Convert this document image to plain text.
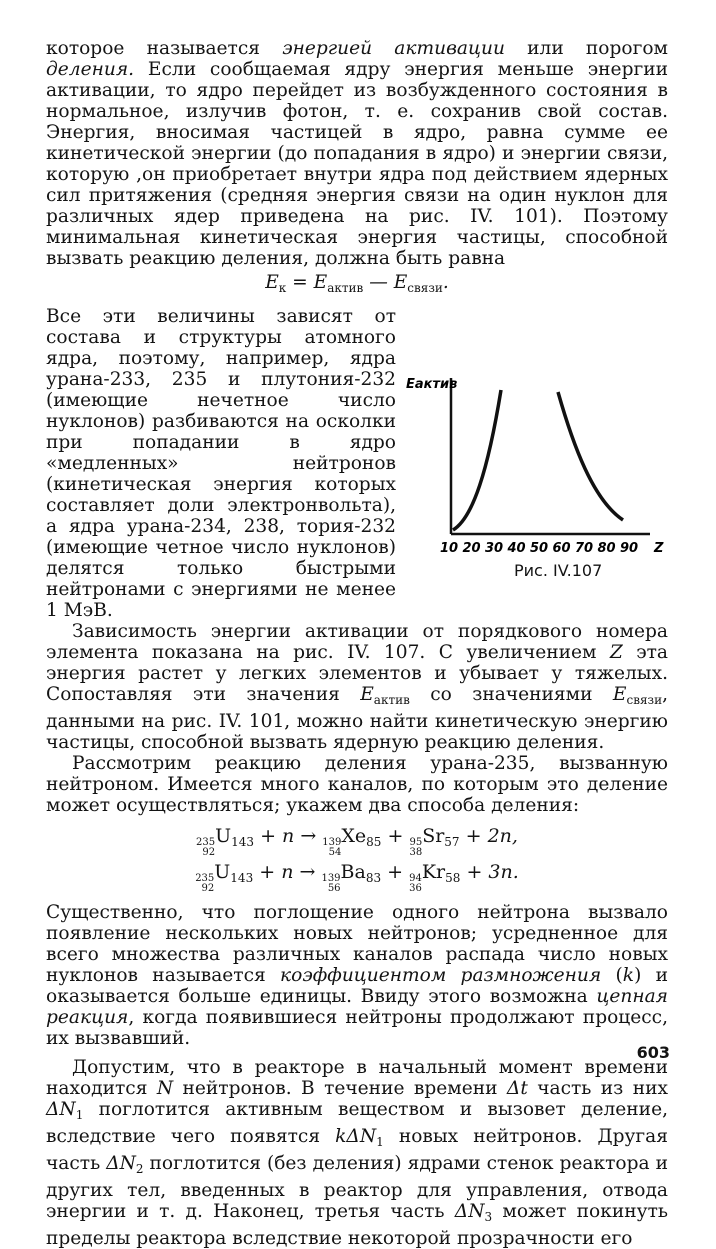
которое называется энергией активации или порогом деления. Если сообщаемая ядру энергия меньше энергии активации, то ядро перейдет из возбужденного состояния в нормальное, излучив фотон, т. е. сохранив свой состав. Энергия, вносимая частицей в ядро, равна сумме ее кинетической энергии (до попадания в ядро) и энергии связи, которую ,он приобретает внутри ядра под действием ядерных сил притяжения (средняя энергия связи на один нуклон для различных ядер приведена на рис. IV. 101). Поэтому минимальная кинетическая энергия частицы, способной вызвать реакцию деления, должна быть равна

$E_к = E_{актив}$ — $E_{связи}$.

Eактив
10 20 30 40 50 60 70 80 90 Z
Рис. IV.107
Все эти величины зависят от состава и структуры атомного ядра, поэтому, например, ядра урана-233, 235 и плутония-232 (имеющие нечетное число нуклонов) разбиваются на осколки при попадании в ядро «медленных» нейтронов (кинетическая энергия которых составляет доли электронвольта), а ядра урана-234, 238, тория-232 (имеющие четное число нуклонов) делятся только быстрыми нейтронами с энергиями не менее 1 МэВ.
Зависимость энергии активации от порядкового номера элемента показана на рис. IV. 107. С увеличением Z эта энергия растет у легких элементов и убывает у тяжелых. Сопоставляя эти значения $E_{актив}$ со значениями $E_{связи}$, данными на рис. IV. 101, можно найти кинетическую энергию частицы, способной вызвать ядерную реакцию деления.

Рассмотрим реакцию деления урана-235, вызванную нейтроном. Имеется много каналов, по которым это деление может осуществляться; укажем два способа деления:

235
92
$U_{143} + n \to 139$
54
$Xe_{85} + 95$
38
$Sr_{57} + 2n$,
235
92
$U_{143} + n \to 139$
56
$Ba_{83} + 94$
36
$Kr_{58} + 3n$.

Существенно, что поглощение одного нейтрона вызвало появление нескольких новых нейтронов; усредненное для всего множества различных каналов распада число новых нуклонов называется коэффициентом размножения (k) и оказывается больше единицы. Ввиду этого возможна цепная реакция, когда появившиеся нейтроны продолжают процесс, их вызвавший.

Допустим, что в реакторе в начальный момент времени находится N нейтронов. В течение времени Δt часть из них $\Delta N_1$ поглотится активным веществом и вызовет деление, вследствие чего появятся kΔN$_1$ новых нейтронов. Другая часть $\Delta N_2$ поглотится (без деления) ядрами стенок реактора и других тел, введенных в реактор для управления, отвода энергии и т. д. Наконец, третья часть $\Delta N_3$ может покинуть пределы реактора вследствие некоторой прозрачности его

603
